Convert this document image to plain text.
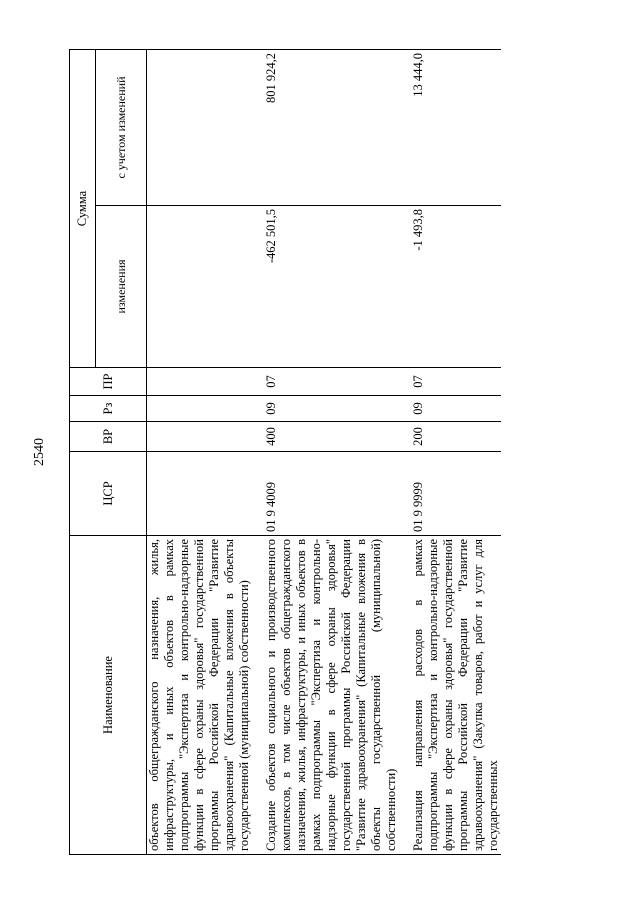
2540
Наименование	ЦСР	ВР	Рз	ПР	Сумма	
					изменения	с учетом изменений
объектов общегражданского назначения, жилья, инфраструктуры, и иных объектов в рамках подпрограммы "Экспертиза и контрольно-надзорные функции в сфере охраны здоровья" государственной программы Российской Федерации "Развитие здравоохранения" (Капитальные вложения в объекты государственной (муниципальной) собственности)						

Создание объектов социального и производственного комплексов, в том числе объектов общегражданского назначения, жилья, инфраструктуры, и иных объектов в рамках подпрограммы "Экспертиза и контрольно-надзорные функции в сфере охраны здоровья" государственной программы Российской Федерации "Развитие здравоохранения" (Капитальные вложения в объекты государственной (муниципальной) собственности)	01 9 4009	400	09	07	-462 501,5	801 924,2

Реализация направления расходов в рамках подпрограммы "Экспертиза и контрольно-надзорные функции в сфере охраны здоровья" государственной программы Российской Федерации "Развитие здравоохранения" (Закупка товаров, работ и услуг для государственных	01 9 9999	200	09	07	-1 493,8	13 444,0
